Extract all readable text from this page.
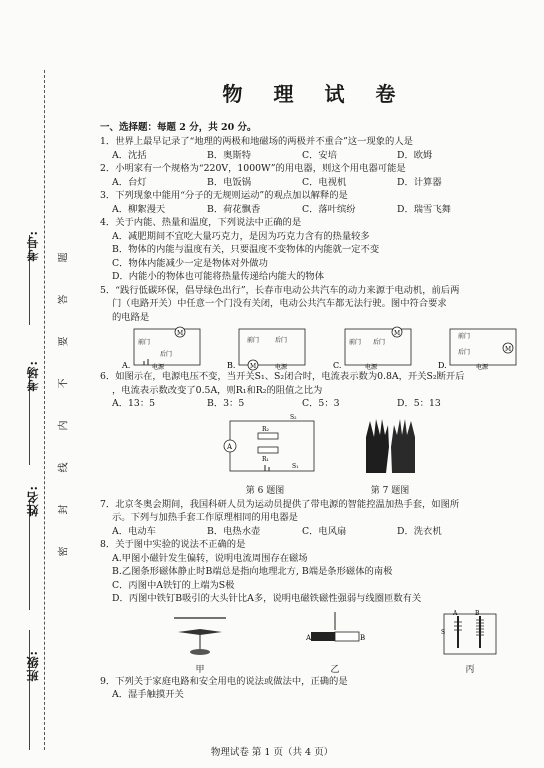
考号:
考场:
姓名:
班级:
题
答
要
不
内
线
封
密
物 理 试 卷
一、选择题：每题 2 分，共 20 分。
1．世界上最早记录了“地理的两极和地磁场的两极并不重合”这一现象的人是
A．沈括	B．奥斯特	C．安培	D．欧姆
2．小明家有一个规格为“220V，1000W”的用电器，则这个用电器可能是
A．台灯	B．电饭锅	C．电视机	D．计算器
3．下列现象中能用“分子的无规则运动”的观点加以解释的是
A．柳絮漫天	B．荷花飘香	C．落叶缤纷	D．瑞雪飞舞
4．关于内能、热量和温度，下列说法中正确的是
A．减肥期间不宜吃大量巧克力，是因为巧克力含有的热量较多
B．物体的内能与温度有关，只要温度不变物体的内能就一定不变
C．物体内能减少一定是物体对外做功
D．内能小的物体也可能将热量传递给内能大的物体
5．“践行低碳环保，倡导绿色出行”，长春市电动公共汽车的动力来源于电动机，前后两
门（电路开关）中任意一个门没有关闭，电动公共汽车都无法行驶。图中符合要求
的电路是
A.
M
前门
后门
电源	B. M
前门	后门
电源	C.
M
前门 后门
电源	D.
M
前门
后门
电源
6．如图示在，电源电压不变，当开关S₁、S₂闭合时，电流表示数为0.8A，开关S₂断开后
，电流表示数改变了0.5A，则R₁和R₂的阻值之比为
A．13：5	B．3：5	C．5：3	D．5：13
A
R₂
R₁
S₂
S₁
第 6 题图	第 7 题图
7．北京冬奥会期间，我国科研人员为运动员提供了带电源的智能控温加热手套，如图所
示。下列与加热手套工作原理相同的用电器是
A．电动车	B．电热水壶	C．电风扇	D．洗衣机
8．关于图中实验的说法不正确的是
A.甲图小磁针发生偏转，说明电流周围存在磁场
B.乙图条形磁体静止时B端总是指向地理北方, B端是条形磁体的南极
C．丙图中A铁钉的上端为S极
D．丙图中铁钉B吸引的大头针比A多，说明电磁铁磁性强弱与线圈匝数有关
甲
A	B
乙
A	B
S
丙
9．下列关于家庭电路和安全用电的说法或做法中，正确的是
A．湿手触摸开关
物理试卷 第 1 页（共 4 页）
